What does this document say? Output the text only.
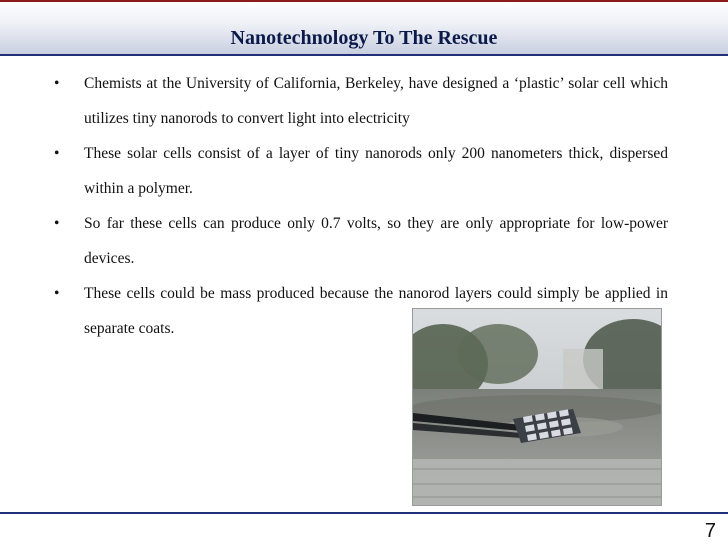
Nanotechnology To The Rescue
• Chemists at the University of California, Berkeley, have designed a ‘plastic’ solar cell which utilizes tiny nanorods to convert light into electricity
• These solar cells consist of a layer of tiny nanorods only 200 nanometers thick, dispersed within a polymer.
• So far these cells can produce only 0.7 volts, so they are only appropriate for low-power devices.
• These cells could be mass produced because the nanorod layers could simply be applied in separate coats.
7
